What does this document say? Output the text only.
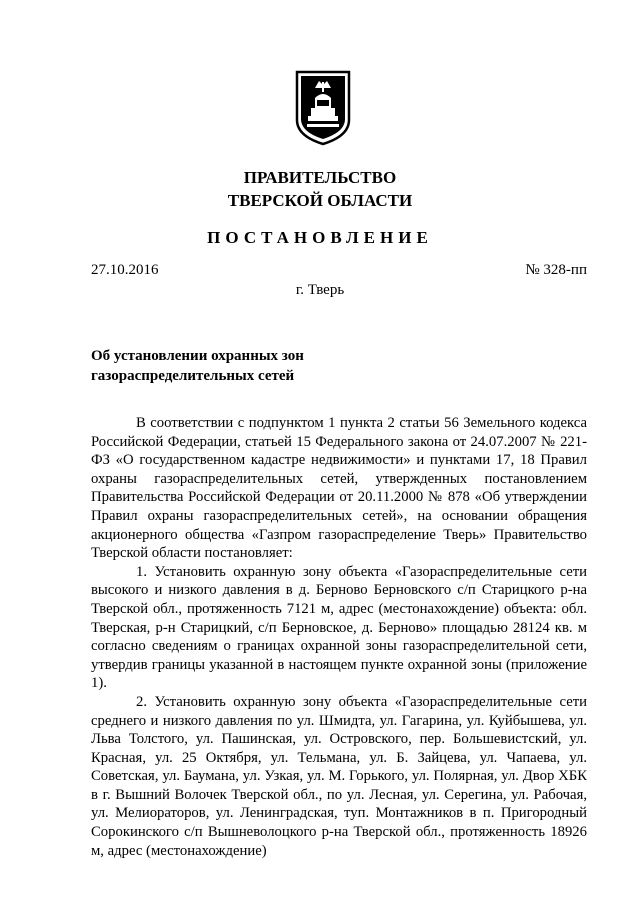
ПРАВИТЕЛЬСТВО
ТВЕРСКОЙ ОБЛАСТИ
ПОСТАНОВЛЕНИЕ
27.10.2016	№ 328-пп
г. Тверь
Об установлении охранных зон
газораспределительных сетей

В соответствии с подпунктом 1 пункта 2 статьи 56 Земельного кодекса Российской Федерации, статьей 15 Федерального закона от 24.07.2007 № 221-ФЗ «О государственном кадастре недвижимости» и пунктами 17, 18 Правил охраны газораспределительных сетей, утвержденных постановлением Правительства Российской Федерации от 20.11.2000 № 878 «Об утверждении Правил охраны газораспределительных сетей», на основании обращения акционерного общества «Газпром газораспределение Тверь» Правительство Тверской области постановляет:

1. Установить охранную зону объекта «Газораспределительные сети высокого и низкого давления в д. Берново Берновского с/п Старицкого р-на Тверской обл., протяженность 7121 м, адрес (местонахождение) объекта: обл. Тверская, р-н Старицкий, с/п Берновское, д. Берново» площадью 28124 кв. м согласно сведениям о границах охранной зоны газораспределительной сети, утвердив границы указанной в настоящем пункте охранной зоны (приложение 1).

2. Установить охранную зону объекта «Газораспределительные сети среднего и низкого давления по ул. Шмидта, ул. Гагарина, ул. Куйбышева, ул. Льва Толстого, ул. Пашинская, ул. Островского, пер. Большевистский, ул. Красная, ул. 25 Октября, ул. Тельмана, ул. Б. Зайцева, ул. Чапаева, ул. Советская, ул. Баумана, ул. Узкая, ул. М. Горького, ул. Полярная, ул. Двор ХБК в г. Вышний Волочек Тверской обл., по ул. Лесная, ул. Серегина, ул. Рабочая, ул. Мелиораторов, ул. Ленинградская, туп. Монтажников в п. Пригородный Сорокинского с/п Вышневолоцкого р-на Тверской обл., протяженность 18926 м, адрес (местонахождение)
